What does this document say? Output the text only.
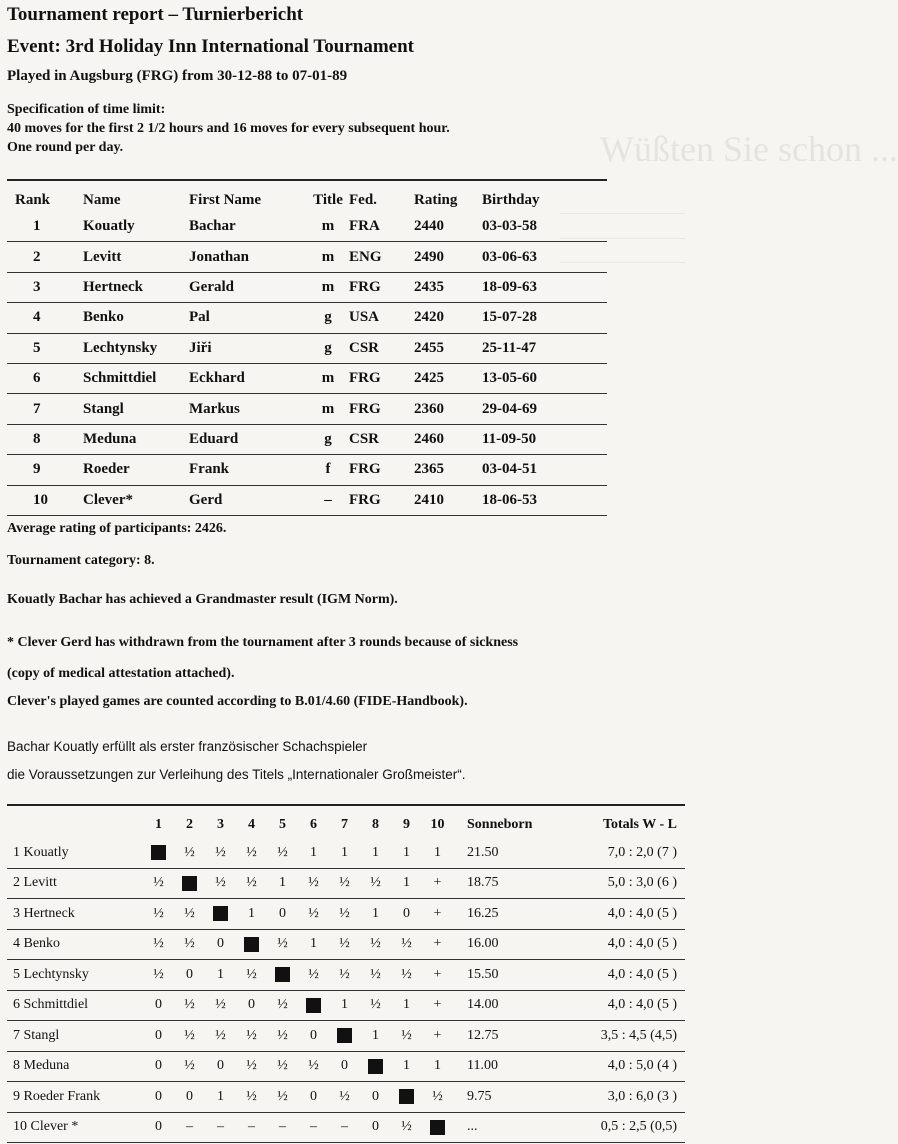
Wüßten Sie schon ...
Tournament report – Turnierbericht
Event: 3rd Holiday Inn International Tournament
Played in Augsburg (FRG) from 30-12-88 to 07-01-89
Specification of time limit:
40 moves for the first 2 1/2 hours and 16 moves for every subsequent hour.
One round per day.
Rank	Name	First Name	Title	Fed.	Rating	Birthday
1	Kouatly	Bachar	m	FRA	2440	03-03-58
2	Levitt	Jonathan	m	ENG	2490	03-06-63
3	Hertneck	Gerald	m	FRG	2435	18-09-63
4	Benko	Pal	g	USA	2420	15-07-28
5	Lechtynsky	Jiři	g	CSR	2455	25-11-47
6	Schmittdiel	Eckhard	m	FRG	2425	13-05-60
7	Stangl	Markus	m	FRG	2360	29-04-69
8	Meduna	Eduard	g	CSR	2460	11-09-50
9	Roeder	Frank	f	FRG	2365	03-04-51
10	Clever*	Gerd	–	FRG	2410	18-06-53
Average rating of participants: 2426.
Tournament category: 8.
Kouatly Bachar has achieved a Grandmaster result (IGM Norm).
* Clever Gerd has withdrawn from the tournament after 3 rounds because of sickness
(copy of medical attestation attached).
Clever's played games are counted according to B.01/4.60 (FIDE-Handbook).
Bachar Kouatly erfüllt als erster französischer Schachspieler
die Voraussetzungen zur Verleihung des Titels „Internationaler Großmeister“.
	1	2	3	4	5	6	7	8	9	10	Sonneborn	Totals W - L
1 Kouatly		½	½	½	½	1	1	1	1	1	21.50	7,0 : 2,0 (7 )
2 Levitt	½		½	½	1	½	½	½	1	+	18.75	5,0 : 3,0 (6 )
3 Hertneck	½	½		1	0	½	½	1	0	+	16.25	4,0 : 4,0 (5 )
4 Benko	½	½	0		½	1	½	½	½	+	16.00	4,0 : 4,0 (5 )
5 Lechtynsky	½	0	1	½		½	½	½	½	+	15.50	4,0 : 4,0 (5 )
6 Schmittdiel	0	½	½	0	½		1	½	1	+	14.00	4,0 : 4,0 (5 )
7 Stangl	0	½	½	½	½	0		1	½	+	12.75	3,5 : 4,5 (4,5)
8 Meduna	0	½	0	½	½	½	0		1	1	11.00	4,0 : 5,0 (4 )
9 Roeder Frank	0	0	1	½	½	0	½	0		½	9.75	3,0 : 6,0 (3 )
10 Clever *	0	–	–	–	–	–	–	0	½		...	0,5 : 2,5 (0,5)
